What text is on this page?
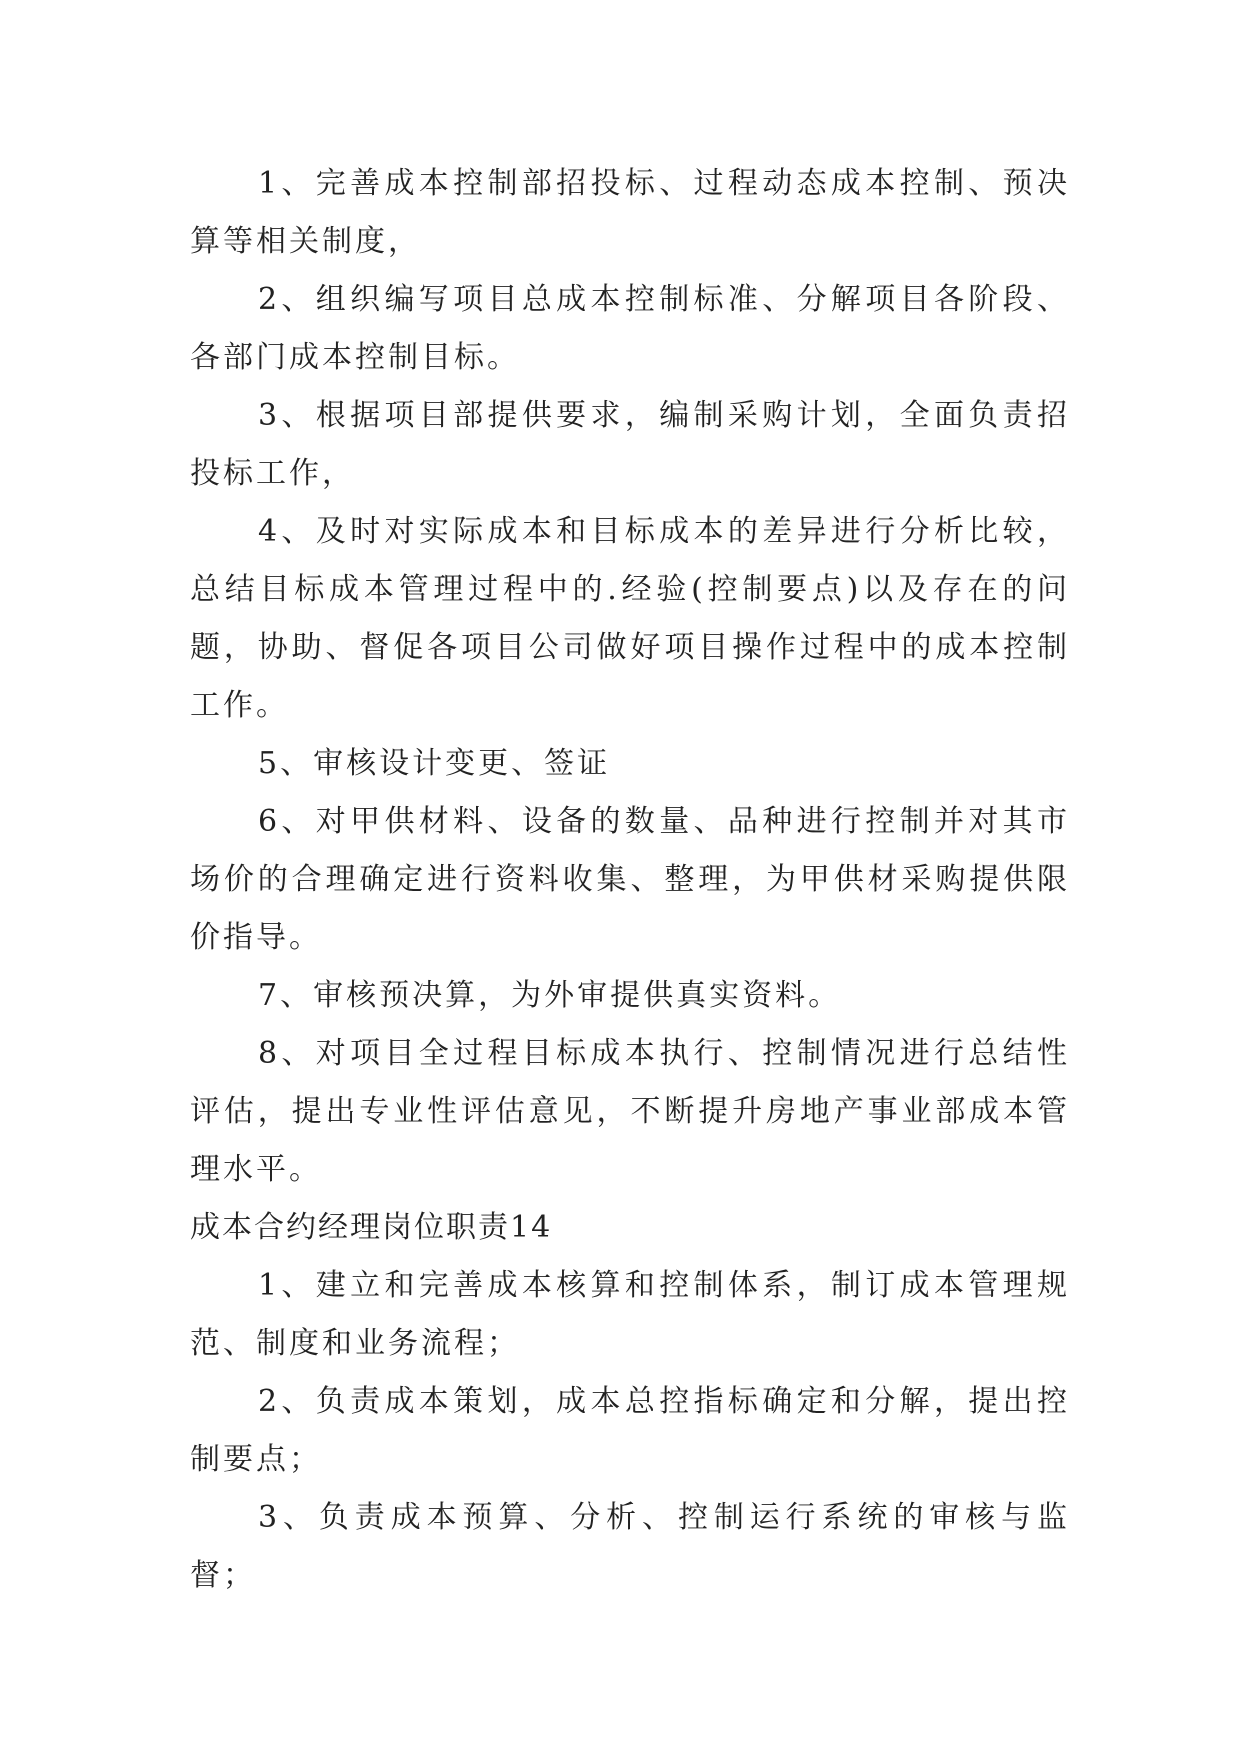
1、完善成本控制部招投标、过程动态成本控制、预决算等相关制度，

2、组织编写项目总成本控制标准、分解项目各阶段、各部门成本控制目标。

3、根据项目部提供要求，编制采购计划，全面负责招投标工作，

4、及时对实际成本和目标成本的差异进行分析比较，总结目标成本管理过程中的.经验(控制要点)以及存在的问题，协助、督促各项目公司做好项目操作过程中的成本控制工作。

5、审核设计变更、签证

6、对甲供材料、设备的数量、品种进行控制并对其市场价的合理确定进行资料收集、整理，为甲供材采购提供限价指导。

7、审核预决算，为外审提供真实资料。

8、对项目全过程目标成本执行、控制情况进行总结性评估，提出专业性评估意见，不断提升房地产事业部成本管理水平。

成本合约经理岗位职责14

1、建立和完善成本核算和控制体系，制订成本管理规范、制度和业务流程；

2、负责成本策划，成本总控指标确定和分解，提出控制要点；

3、负责成本预算、分析、控制运行系统的审核与监督；
